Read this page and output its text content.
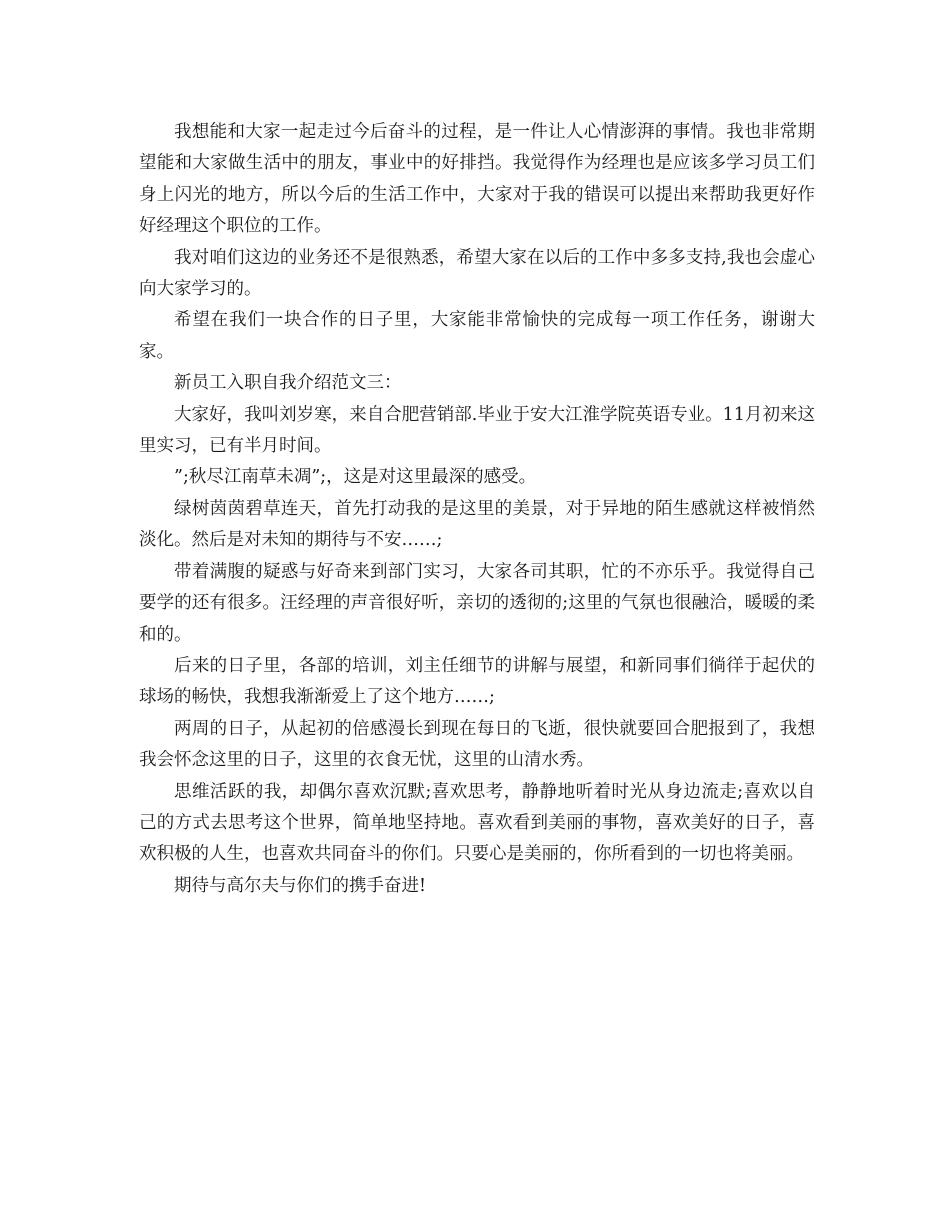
我想能和大家一起走过今后奋斗的过程，是一件让人心情澎湃的事情。我也非常期望能和大家做生活中的朋友，事业中的好排挡。我觉得作为经理也是应该多学习员工们身上闪光的地方，所以今后的生活工作中，大家对于我的错误可以提出来帮助我更好作好经理这个职位的工作。

我对咱们这边的业务还不是很熟悉，希望大家在以后的工作中多多支持,我也会虚心向大家学习的。

希望在我们一块合作的日子里，大家能非常愉快的完成每一项工作任务，谢谢大家。

新员工入职自我介绍范文三：

大家好，我叫刘岁寒，来自合肥营销部.毕业于安大江淮学院英语专业。11月初来这里实习，已有半月时间。

”;秋尽江南草未凋”;，这是对这里最深的感受。

绿树茵茵碧草连天，首先打动我的是这里的美景，对于异地的陌生感就这样被悄然淡化。然后是对未知的期待与不安……;

带着满腹的疑惑与好奇来到部门实习，大家各司其职，忙的不亦乐乎。我觉得自己要学的还有很多。汪经理的声音很好听，亲切的透彻的;这里的气氛也很融洽，暖暖的柔和的。

后来的日子里，各部的培训，刘主任细节的讲解与展望，和新同事们徜徉于起伏的球场的畅快，我想我渐渐爱上了这个地方……;

两周的日子，从起初的倍感漫长到现在每日的飞逝，很快就要回合肥报到了，我想我会怀念这里的日子，这里的衣食无忧，这里的山清水秀。

思维活跃的我，却偶尔喜欢沉默;喜欢思考，静静地听着时光从身边流走;喜欢以自己的方式去思考这个世界，简单地坚持地。喜欢看到美丽的事物，喜欢美好的日子，喜欢积极的人生，也喜欢共同奋斗的你们。只要心是美丽的，你所看到的一切也将美丽。

期待与高尔夫与你们的携手奋进!
